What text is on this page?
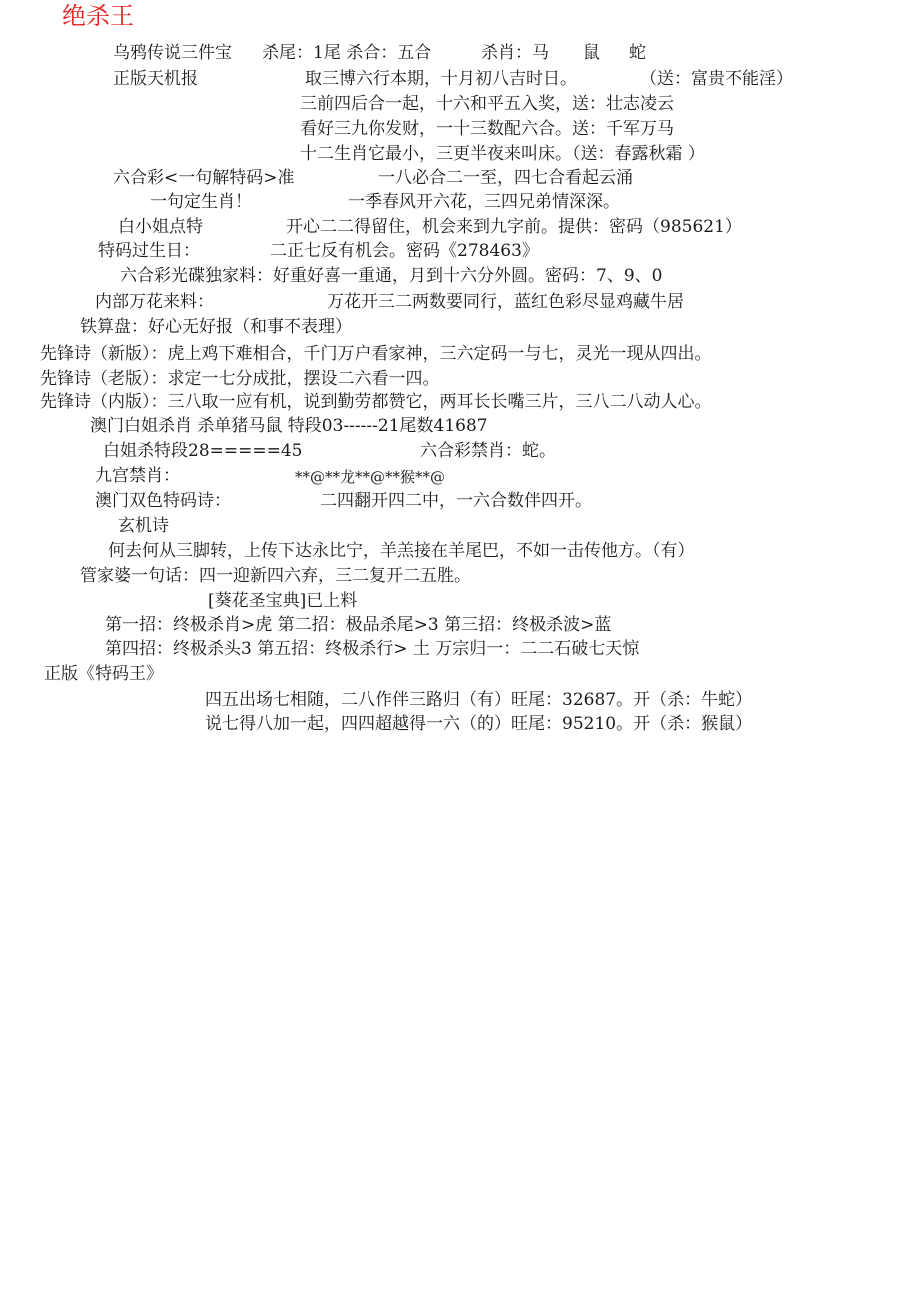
绝杀王
乌鸦传说三件宝 杀尾：1尾 杀合：五合	杀肖：马 鼠 蛇
正版天机报	取三博六行本期，十月初八吉时日。	（送：富贵不能淫）
三前四后合一起，十六和平五入奖，送：壮志凌云
看好三九你发财，一十三数配六合。送：千军万马
十二生肖它最小，三更半夜来叫床。（送：春露秋霜 ）
六合彩<一句解特码>准	一八必合二一至，四七合看起云涌
一句定生肖！	一季春风开六花，三四兄弟情深深。
白小姐点特	开心二二得留住，机会来到九字前。提供：密码（985621）
特码过生日：	二正七反有机会。密码《278463》
六合彩光碟独家料：好重好喜一重通，月到十六分外圆。密码：7、9、0
内部万花来料：	万花开三二两数要同行，蓝红色彩尽显鸡藏牛居
铁算盘：好心无好报（和事不表理）
先锋诗（新版）：虎上鸡下难相合，千门万户看家神，三六定码一与七，灵光一现从四出。
先锋诗（老版）：求定一七分成批，摆设二六看一四。
先锋诗（内版）：三八取一应有机，说到勤劳都赞它，两耳长长嘴三片，三八二八动人心。
澳门白姐杀肖 杀单猪马鼠 特段03------21尾数41687
白姐杀特段28=====45	六合彩禁肖：蛇。
九宫禁肖：	**@**龙**@**猴**@
澳门双色特码诗：	二四翻开四二中，一六合数伴四开。
玄机诗
何去何从三脚转，上传下达永比宁，羊羔接在羊尾巴，不如一击传他方。（有）
管家婆一句话：四一迎新四六弃，三二复开二五胜。
[葵花圣宝典]已上料
第一招：终极杀肖>虎 第二招：极品杀尾>3 第三招：终极杀波>蓝
第四招：终极杀头3 第五招：终极杀行> 土 万宗归一：二二石破七天惊
正版《特码王》
四五出场七相随，二八作伴三路归（有）旺尾：32687。开（杀：牛蛇）
说七得八加一起，四四超越得一六（的）旺尾：95210。开（杀：猴鼠）
